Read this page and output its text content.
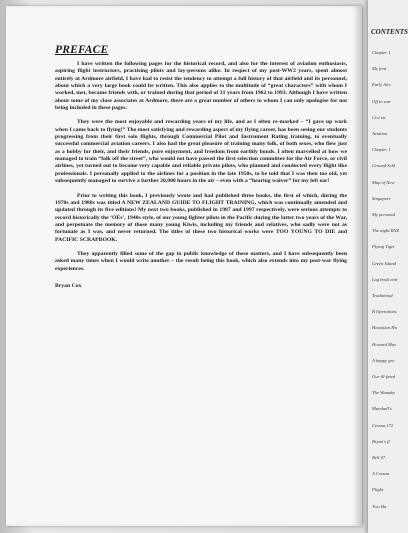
PREFACE

I have written the following pages for the historical record, and also for the interest of aviation enthusiasts, aspiring flight instructors, practising pilots and lay-persons alike. In respect of my post-WW2 years, spent almost entirely at Ardmore airfield, I have had to resist the tendency to attempt a full history of that airfield and its personnel, about which a very large book could be written. This also applies to the multitude of “great characters” with whom I worked, met, became friends with, or trained during that period of 31 years from 1962 to 1993. Although I have written about some of my close associates at Ardmore, there are a great number of others to whom I can only apologise for not being included in these pages.

They were the most enjoyable and rewarding years of my life, and as I often re-marked – “I gave up work when I came back to flying!” The most satisfying and rewarding aspect of my flying career, has been seeing our students progressing from their first solo flights, through Commercial Pilot and Instrument Rating training, to eventually successful commercial aviation careers. I also had the great pleasure of training many folk, of both sexes, who flew just as a hobby for their, and their friends, pure enjoyment, and freedom from earthly bonds. I often marvelled at how we managed to train “folk off the street”, who would not have passed the first selection committee for the Air Force, or civil airlines, yet turned out to become very capable and reliable private pilots, who planned and conducted every flight like professionals. I personally applied to the airlines for a position in the late 1950s, to be told that I was then too old, yet subsequently managed to survive a further 20,000 hours in the air – even with a “hearing waiver” for my left ear!

Prior to writing this book, I previously wrote and had published three books, the first of which, during the 1970s and 1980s was titled A NEW ZEALAND GUIDE TO FLIGHT TRAINING, which was continually amended and updated through its five editions! My next two books, published in 1987 and 1997 respectively, were serious attempts to record historically the ‘OEs’, 1940s style, of our young fighter pilots in the Pacific during the latter two years of the War, and perpetuate the memory of those many young Kiwis, including my friends and relatives, who sadly were not as fortunate as I was, and never returned. The titles of these two historical works were TOO YOUNG TO DIE and PACIFIC SCRAPBOOK.

They apparently filled some of the gap in public knowledge of these matters, and I have subsequently been asked many times when I would write another – the result being this book, which also extends into my post-war flying experiences.

Bryan Cox
CONTENTS
Chapter 1
My first
Early Airc
Off to war
Civi str
Aviation
Chapter 1
Ground Schl
Map of New
Singapore
My personal
The night RNZ
Flying Tiger
Green Island
Log book entr
Traditional
B Operations
Hawaiian Ha
Howard Mas
A happy gro
Our ill-fated
The Wanaka
Marshall's
Cessna 172
Bryan's fl
Bell 47
A Cessna
Flight
Two Ha
